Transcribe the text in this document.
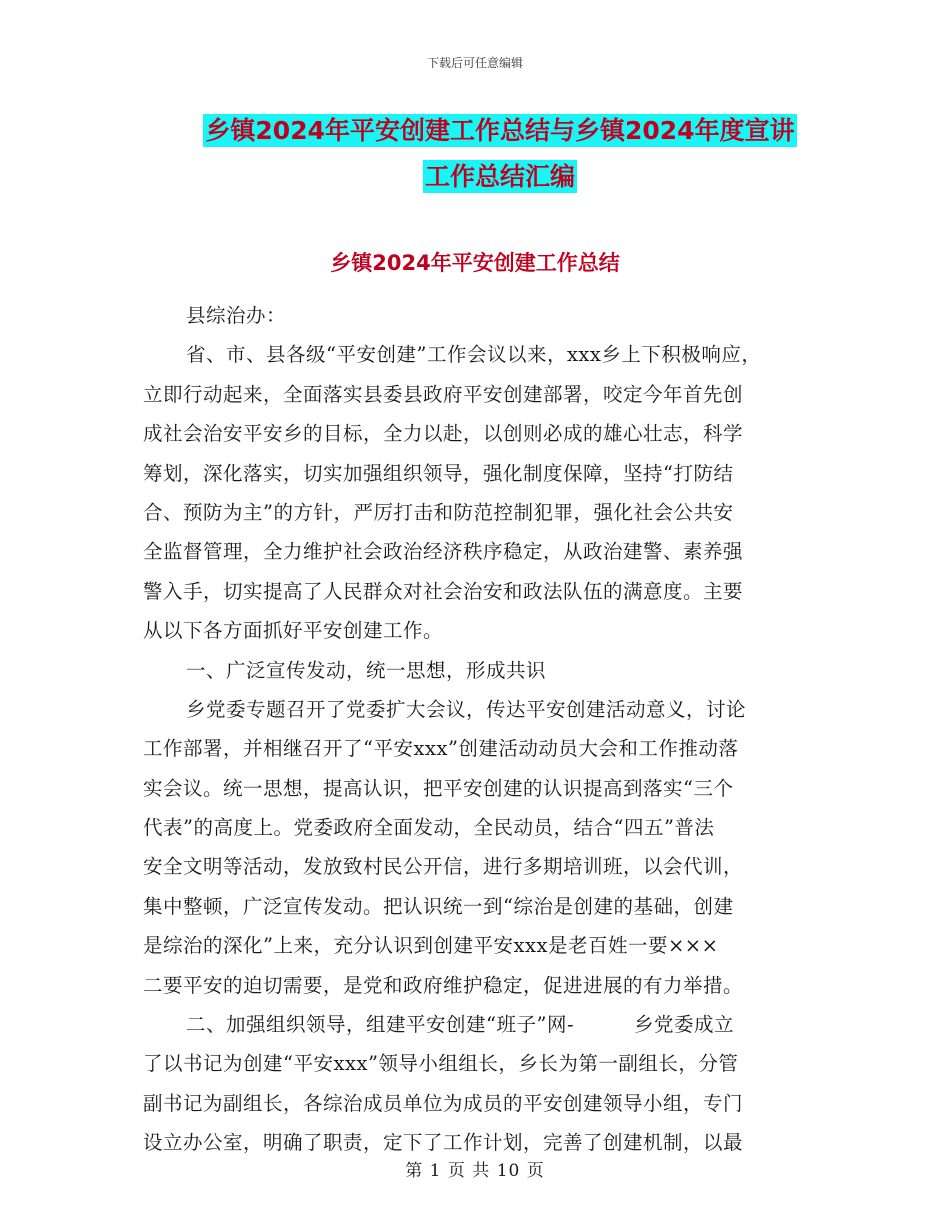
下载后可任意编辑
乡镇2024年平安创建工作总结与乡镇2024年度宣讲
工作总结汇编
乡镇2024年平安创建工作总结
县综治办：
省、市、县各级“平安创建”工作会议以来，xxx乡上下积极响应，
立即行动起来，全面落实县委县政府平安创建部署，咬定今年首先创
成社会治安平安乡的目标，全力以赴，以创则必成的雄心壮志，科学
筹划，深化落实，切实加强组织领导，强化制度保障，坚持“打防结
合、预防为主”的方针，严厉打击和防范控制犯罪，强化社会公共安
全监督管理，全力维护社会政治经济秩序稳定，从政治建警、素养强
警入手，切实提高了人民群众对社会治安和政法队伍的满意度。主要
从以下各方面抓好平安创建工作。
一、广泛宣传发动，统一思想，形成共识
乡党委专题召开了党委扩大会议，传达平安创建活动意义，讨论
工作部署，并相继召开了“平安xxx”创建活动动员大会和工作推动落
实会议。统一思想，提高认识，把平安创建的认识提高到落实“三个
代表”的高度上。党委政府全面发动，全民动员，结合“四五”普法
安全文明等活动，发放致村民公开信，进行多期培训班，以会代训，
集中整顿，广泛宣传发动。把认识统一到“综治是创建的基础，创建
是综治的深化”上来，充分认识到创建平安xxx是老百姓一要×××
二要平安的迫切需要，是党和政府维护稳定，促进进展的有力举措。
二、加强组织领导，组建平安创建“班子”网-　　　乡党委成立
了以书记为创建“平安xxx”领导小组组长，乡长为第一副组长，分管
副书记为副组长，各综治成员单位为成员的平安创建领导小组，专门
设立办公室，明确了职责，定下了工作计划，完善了创建机制，以最
第 1 页 共 10 页
